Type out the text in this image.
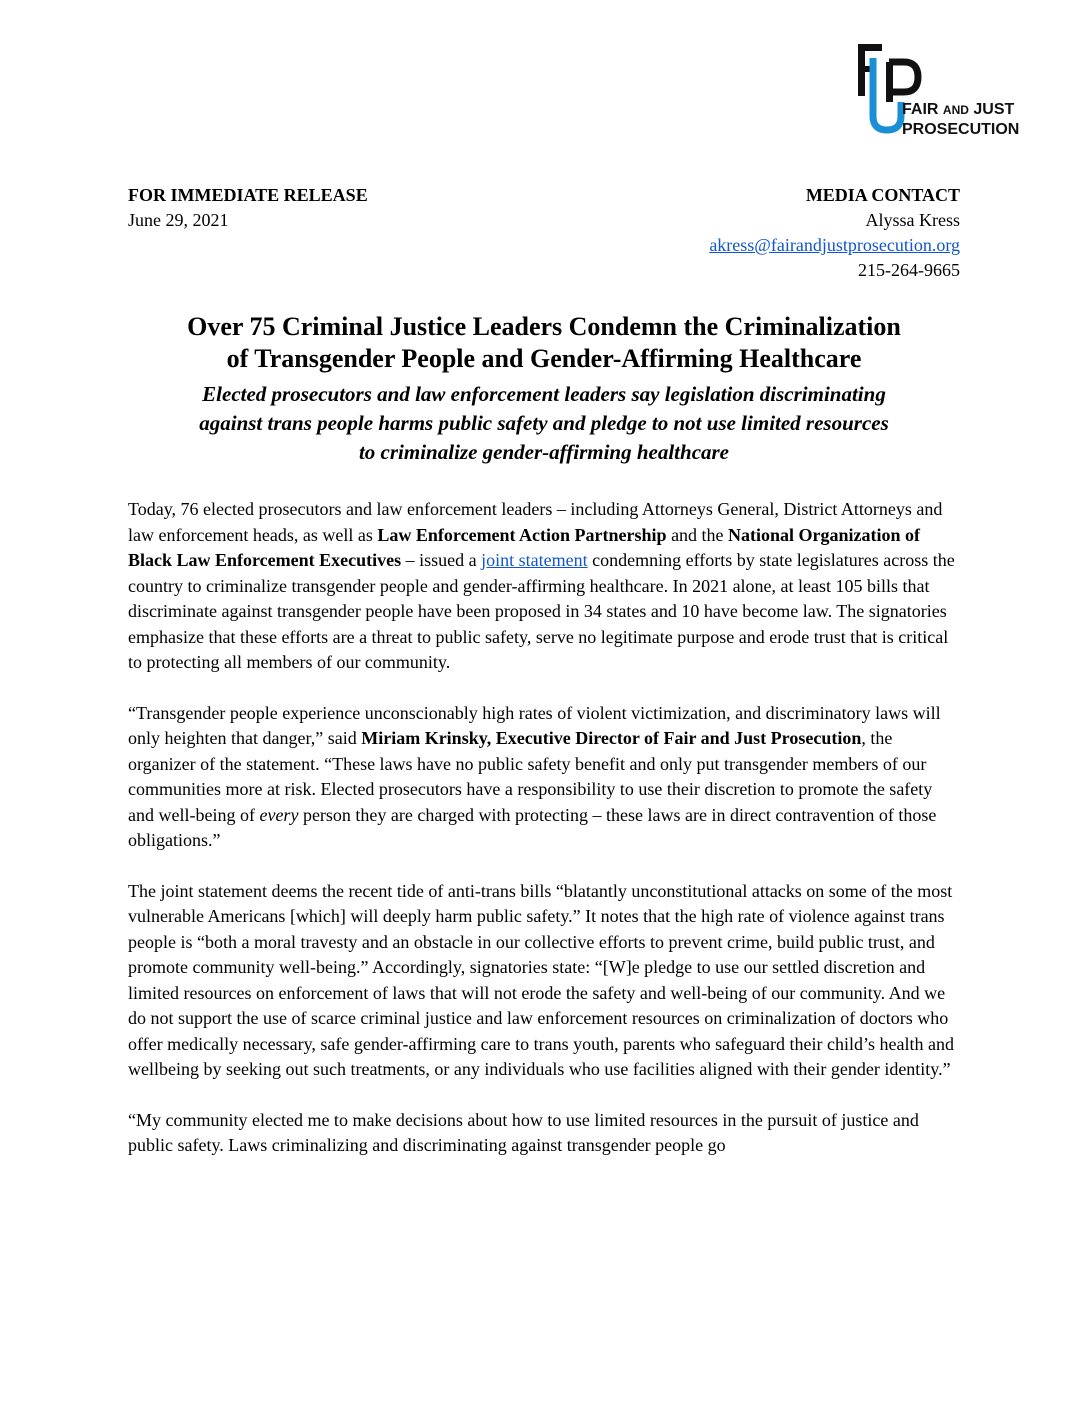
FAIR AND JUST
PROSECUTION
FOR IMMEDIATE RELEASE
June 29, 2021
MEDIA CONTACT
Alyssa Kress
akress@fairandjustprosecution.org
215-264-9665
Over 75 Criminal Justice Leaders Condemn the Criminalization
of Transgender People and Gender-Affirming Healthcare
Elected prosecutors and law enforcement leaders say legislation discriminating
against trans people harms public safety and pledge to not use limited resources
to criminalize gender-affirming healthcare

Today, 76 elected prosecutors and law enforcement leaders – including Attorneys General, District Attorneys and law enforcement heads, as well as Law Enforcement Action Partnership and the National Organization of Black Law Enforcement Executives – issued a joint statement condemning efforts by state legislatures across the country to criminalize transgender people and gender-affirming healthcare. In 2021 alone, at least 105 bills that discriminate against transgender people have been proposed in 34 states and 10 have become law. The signatories emphasize that these efforts are a threat to public safety, serve no legitimate purpose and erode trust that is critical to protecting all members of our community.

“Transgender people experience unconscionably high rates of violent victimization, and discriminatory laws will only heighten that danger,” said Miriam Krinsky, Executive Director of Fair and Just Prosecution, the organizer of the statement. “These laws have no public safety benefit and only put transgender members of our communities more at risk. Elected prosecutors have a responsibility to use their discretion to promote the safety and well-being of every person they are charged with protecting – these laws are in direct contravention of those obligations.”

The joint statement deems the recent tide of anti-trans bills “blatantly unconstitutional attacks on some of the most vulnerable Americans [which] will deeply harm public safety.” It notes that the high rate of violence against trans people is “both a moral travesty and an obstacle in our collective efforts to prevent crime, build public trust, and promote community well-being.” Accordingly, signatories state: “[W]e pledge to use our settled discretion and limited resources on enforcement of laws that will not erode the safety and well-being of our community. And we do not support the use of scarce criminal justice and law enforcement resources on criminalization of doctors who offer medically necessary, safe gender-affirming care to trans youth, parents who safeguard their child’s health and wellbeing by seeking out such treatments, or any individuals who use facilities aligned with their gender identity.”

“My community elected me to make decisions about how to use limited resources in the pursuit of justice and public safety. Laws criminalizing and discriminating against transgender people go
